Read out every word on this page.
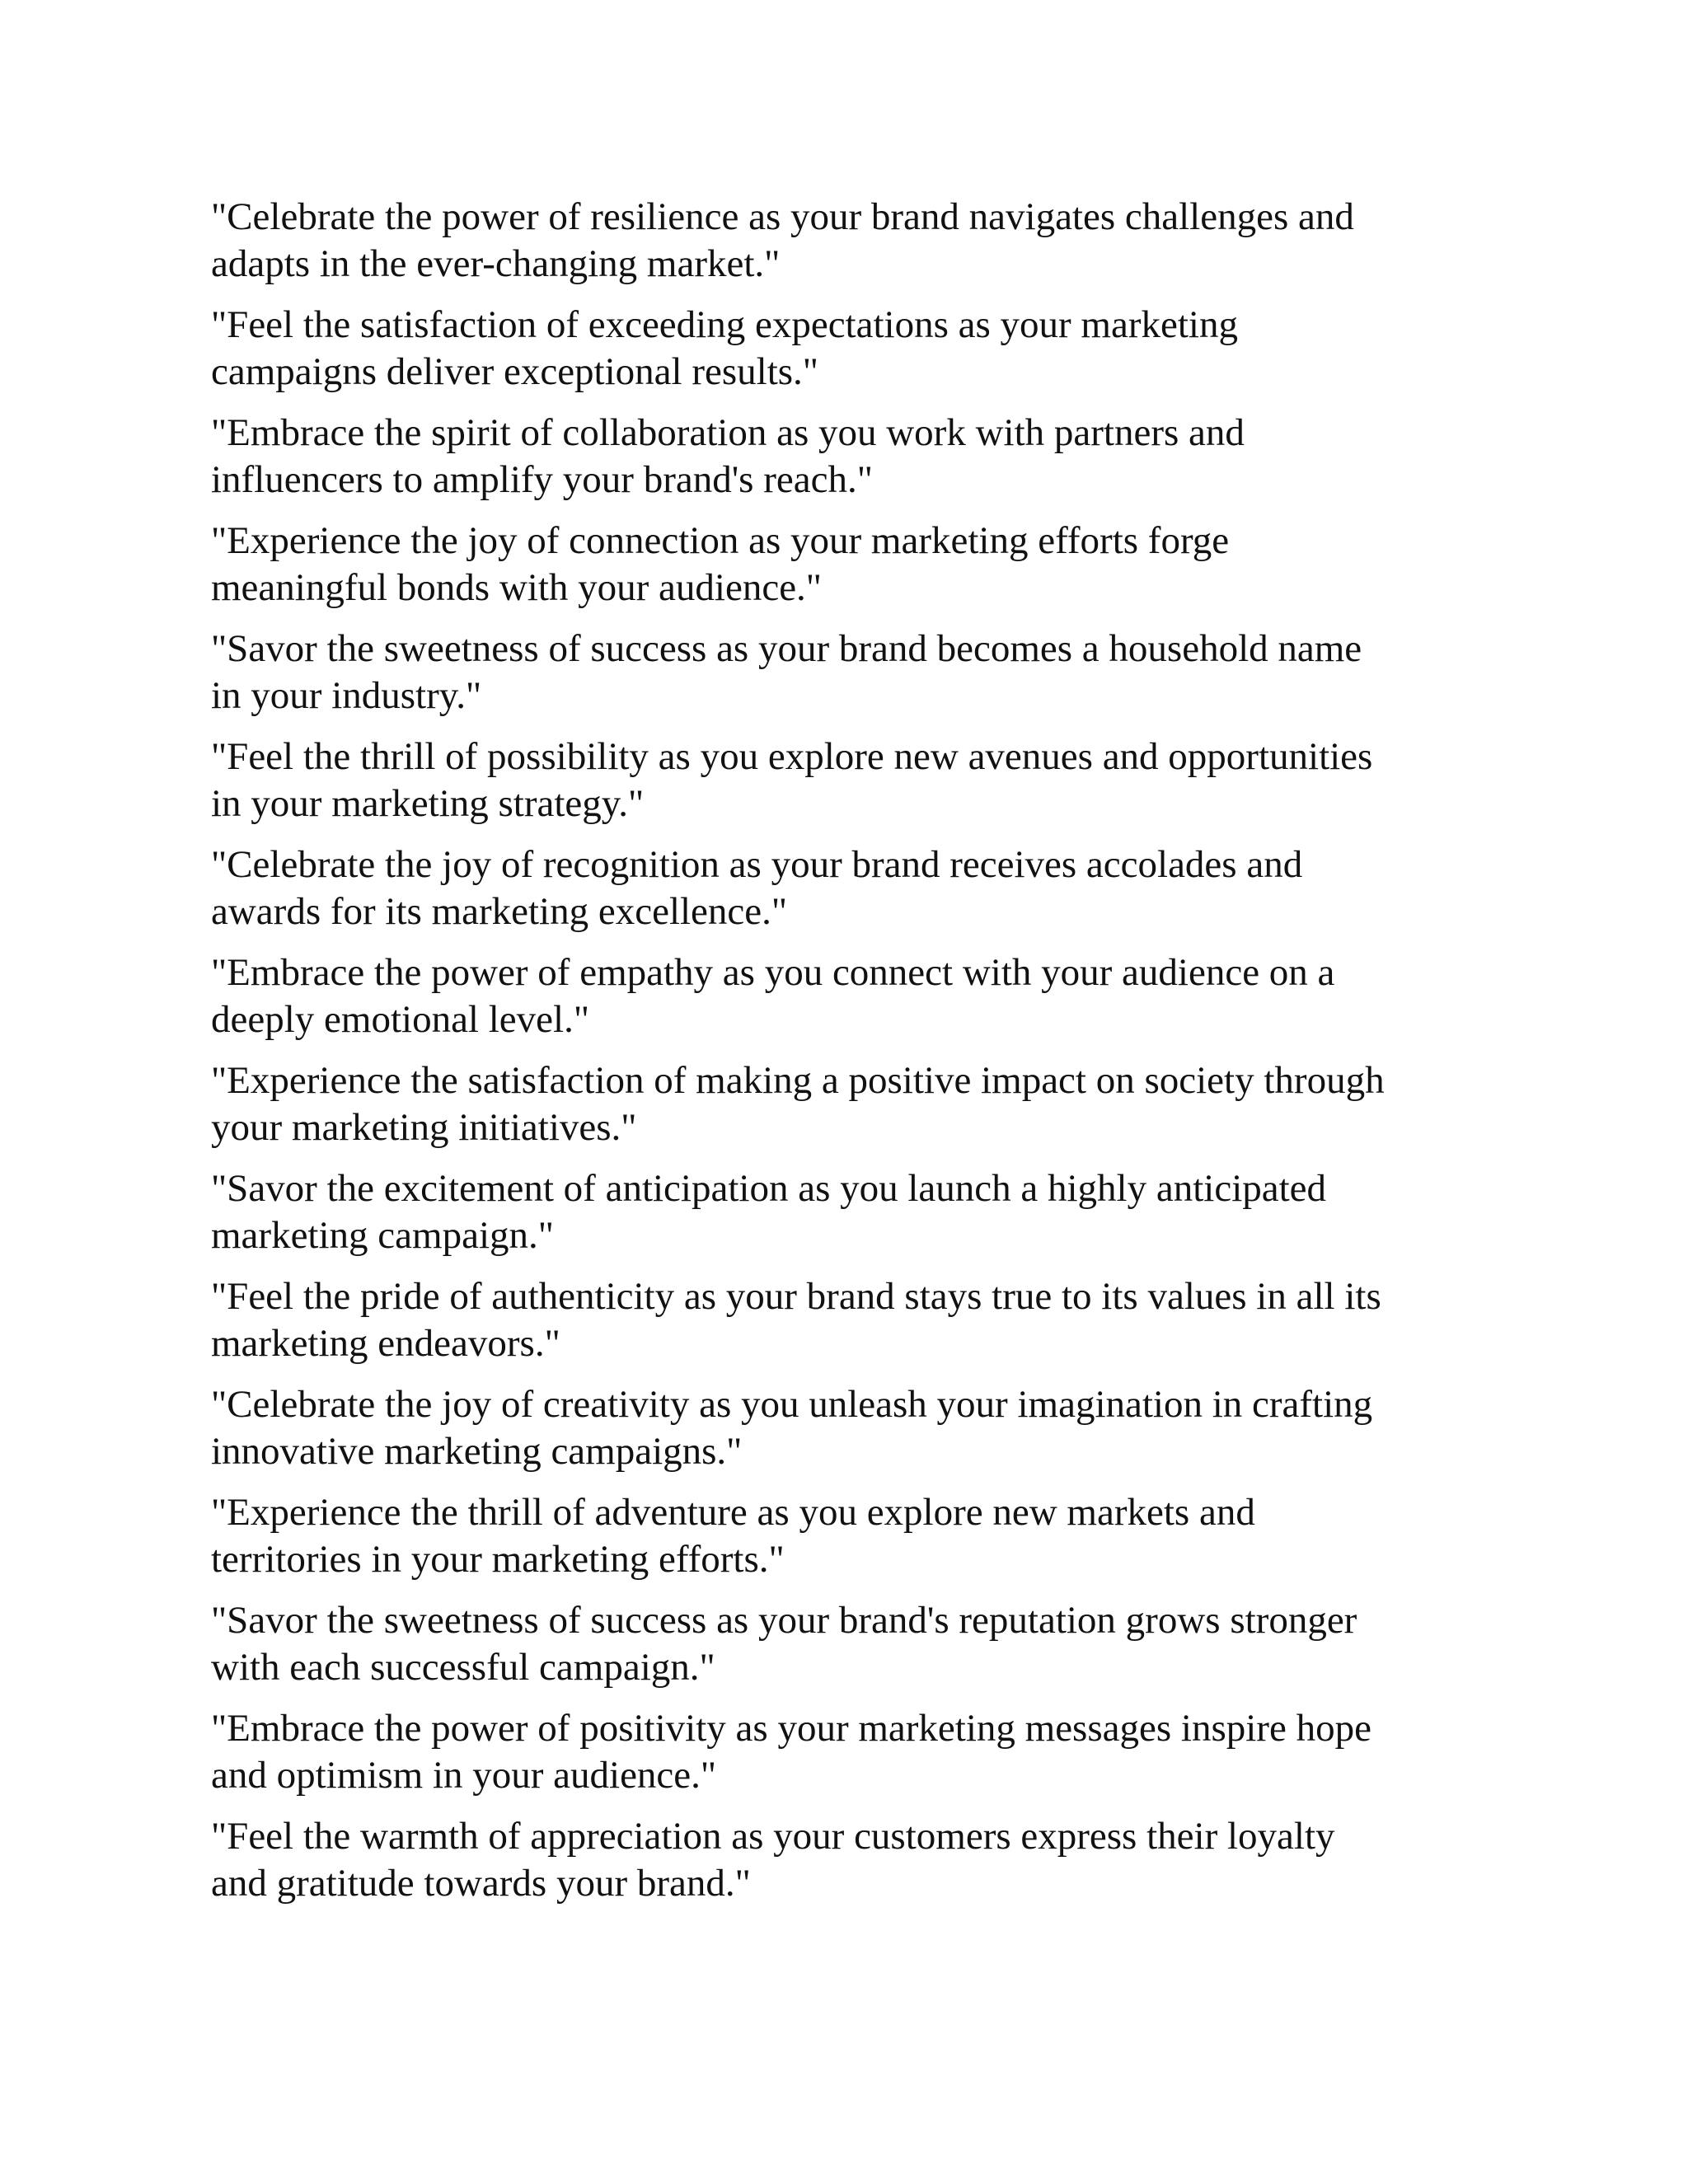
"Celebrate the power of resilience as your brand navigates challenges and
adapts in the ever-changing market."
"Feel the satisfaction of exceeding expectations as your marketing
campaigns deliver exceptional results."
"Embrace the spirit of collaboration as you work with partners and
influencers to amplify your brand's reach."
"Experience the joy of connection as your marketing efforts forge
meaningful bonds with your audience."
"Savor the sweetness of success as your brand becomes a household name
in your industry."
"Feel the thrill of possibility as you explore new avenues and opportunities
in your marketing strategy."
"Celebrate the joy of recognition as your brand receives accolades and
awards for its marketing excellence."
"Embrace the power of empathy as you connect with your audience on a
deeply emotional level."
"Experience the satisfaction of making a positive impact on society through
your marketing initiatives."
"Savor the excitement of anticipation as you launch a highly anticipated
marketing campaign."
"Feel the pride of authenticity as your brand stays true to its values in all its
marketing endeavors."
"Celebrate the joy of creativity as you unleash your imagination in crafting
innovative marketing campaigns."
"Experience the thrill of adventure as you explore new markets and
territories in your marketing efforts."
"Savor the sweetness of success as your brand's reputation grows stronger
with each successful campaign."
"Embrace the power of positivity as your marketing messages inspire hope
and optimism in your audience."
"Feel the warmth of appreciation as your customers express their loyalty
and gratitude towards your brand."
